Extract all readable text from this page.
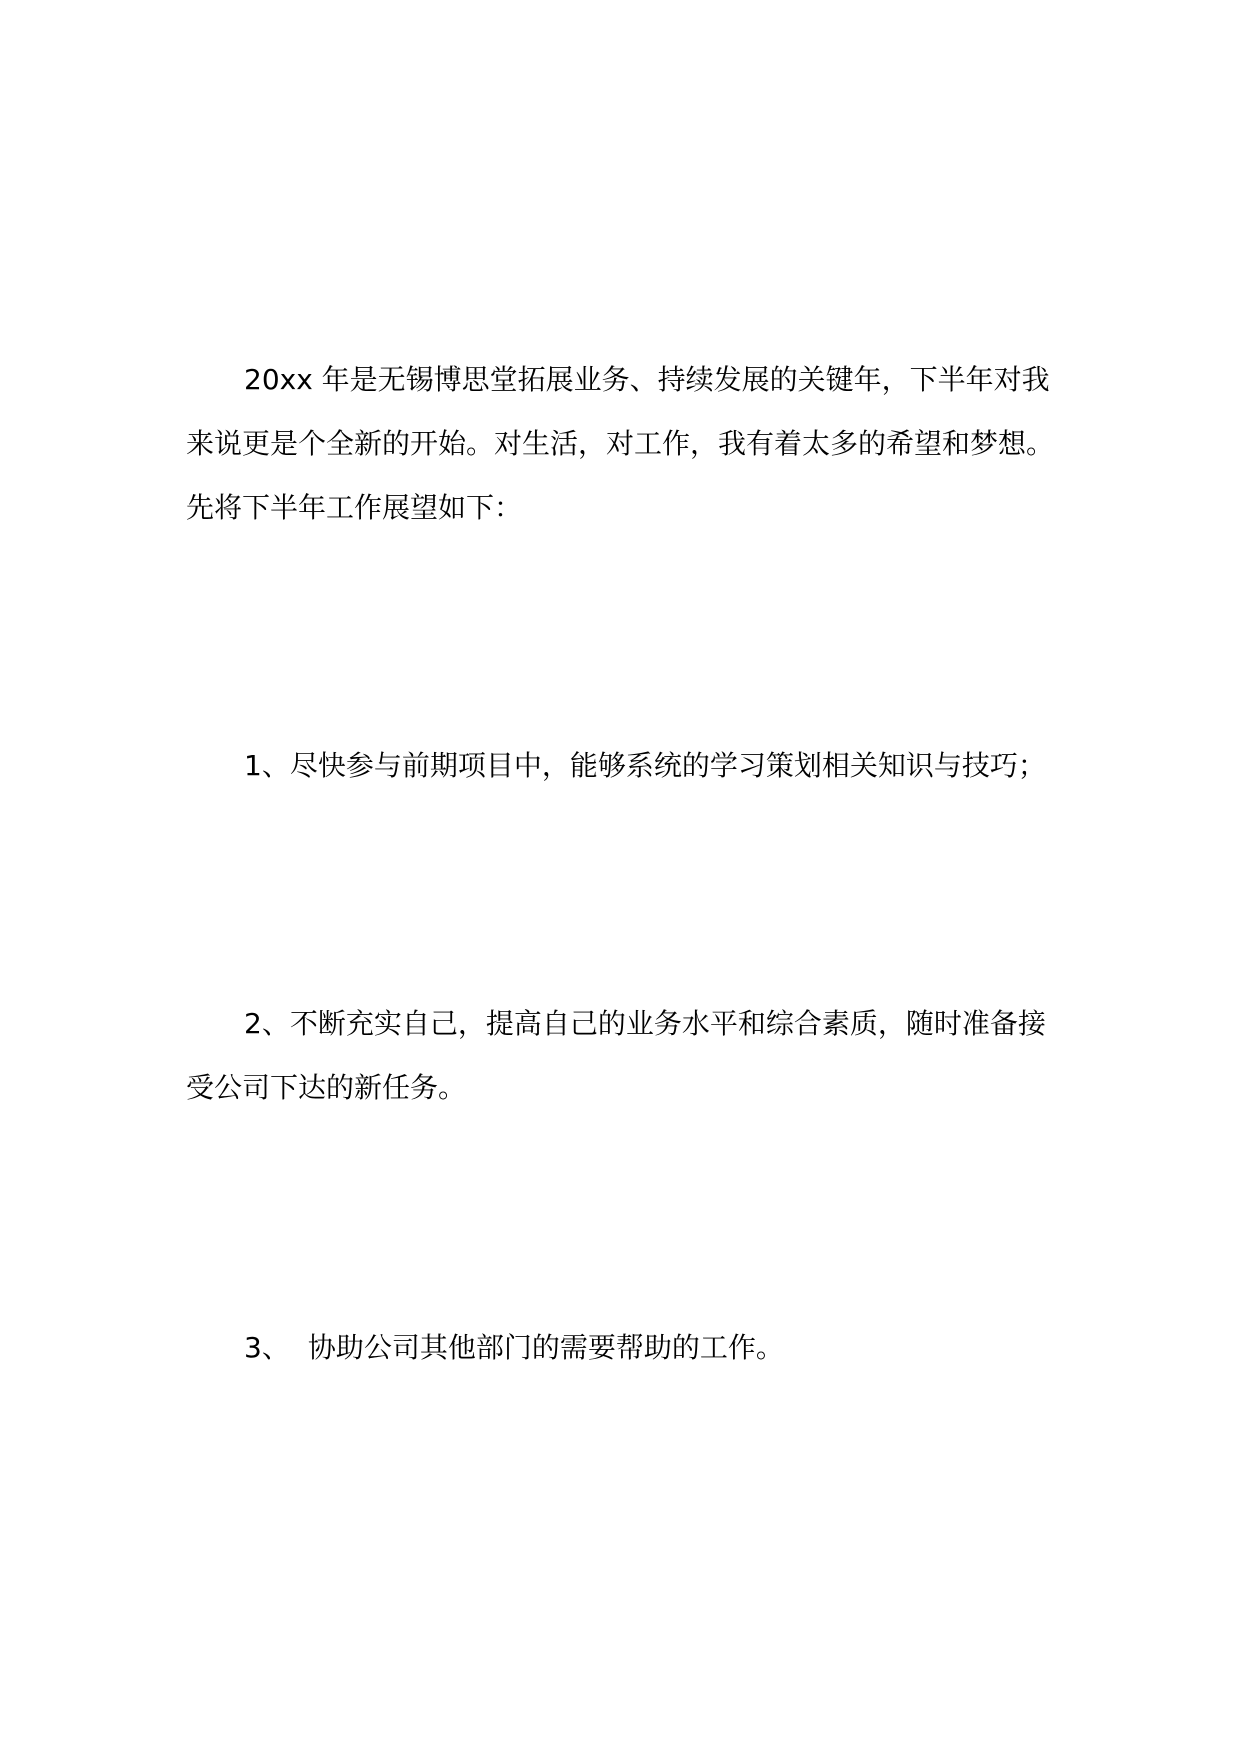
20xx 年是无锡博思堂拓展业务、持续发展的关键年，下半年对我来说更是个全新的开始。对生活，对工作，我有着太多的希望和梦想。先将下半年工作展望如下：

1、尽快参与前期项目中，能够系统的学习策划相关知识与技巧；

2、不断充实自己，提高自己的业务水平和综合素质，随时准备接受公司下达的新任务。

3、 协助公司其他部门的需要帮助的工作。
